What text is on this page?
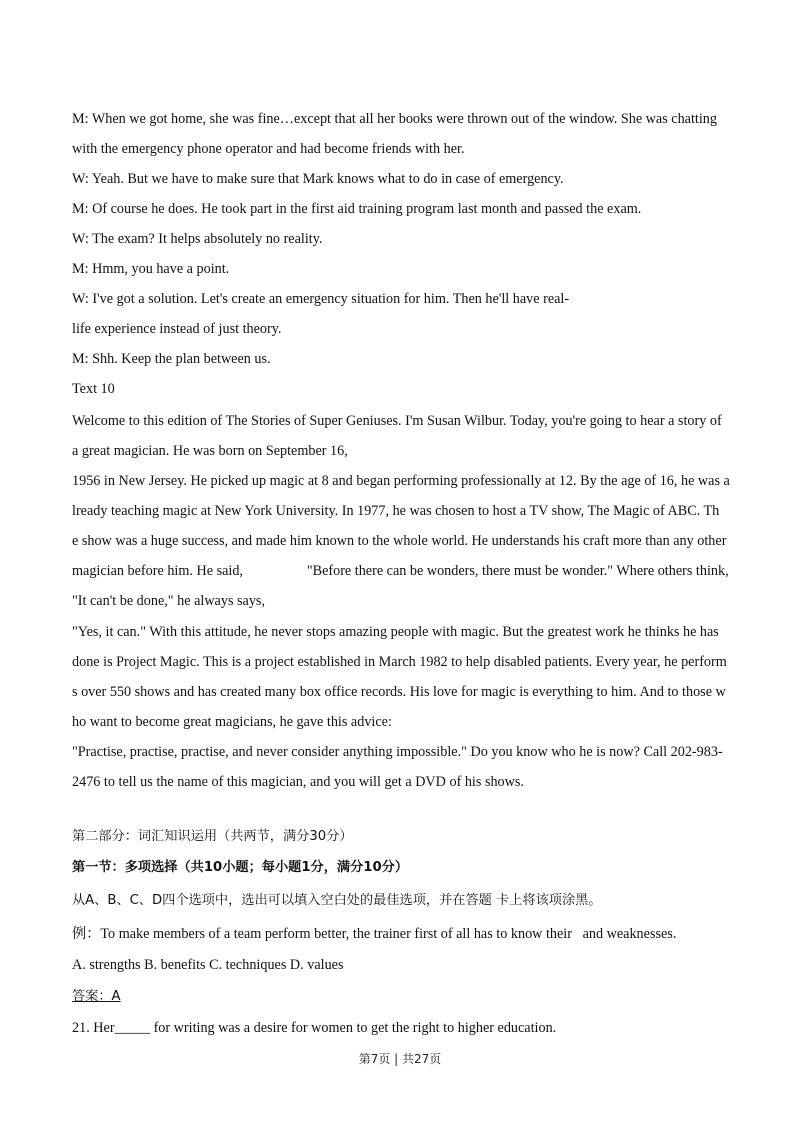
M: When we got home, she was fine…except that all her books were thrown out of the window. She was chatting
with the emergency phone operator and had become friends with her.
W: Yeah. But we have to make sure that Mark knows what to do in case of emergency.
M: Of course he does. He took part in the first aid training program last month and passed the exam.
W: The exam? It helps absolutely no reality.
M: Hmm, you have a point.
W: I've got a solution. Let's create an emergency situation for him. Then he'll have real-
life experience instead of just theory.
M: Shh. Keep the plan between us.
Text 10
Welcome to this edition of The Stories of Super Geniuses. I'm Susan Wilbur. Today, you're going to hear a story of
a great magician. He was born on September 16,
1956 in New Jersey. He picked up magic at 8 and began performing professionally at 12. By the age of 16, he was a
lready teaching magic at New York University. In 1977, he was chosen to host a TV show, The Magic of ABC. Th
e show was a huge success, and made him known to the whole world. He understands his craft more than any other
magician before him. He said,                  "Before there can be wonders, there must be wonder." Where others think,
"It can't be done," he always says,
"Yes, it can." With this attitude, he never stops amazing people with magic. But the greatest work he thinks he has
done is Project Magic. This is a project established in March 1982 to help disabled patients. Every year, he perform
s over 550 shows and has created many box office records. His love for magic is everything to him. And to those w
ho want to become great magicians, he gave this advice:
"Practise, practise, practise, and never consider anything impossible." Do you know who he is now? Call 202-983-
2476 to tell us the name of this magician, and you will get a DVD of his shows.
第二部分：词汇知识运用（共两节，满分30分）
第一节：多项选择（共10小题；每小题1分，满分10分）
从A、B、C、D四个选项中，选出可以填入空白处的最佳选项，并在答题 卡上将该项涂黑。
例：To make members of a team perform better, the trainer first of all has to know their   and weaknesses.
A. strengths B. benefits C. techniques D. values
答案：A
21. Her_____ for writing was a desire for women to get the right to higher education.
第7页 | 共27页
